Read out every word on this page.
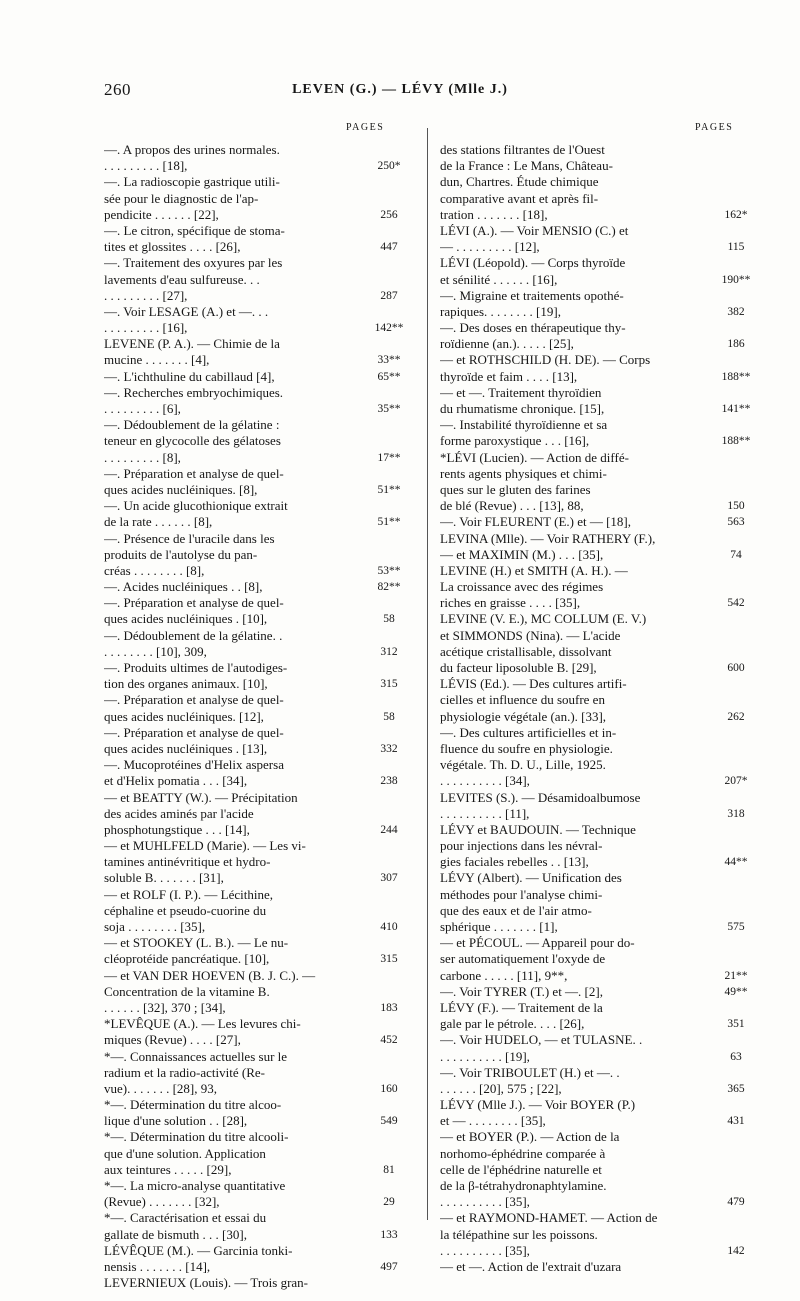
260	LEVEN (G.) — LÉVY (Mlle J.)
PAGES	PAGES
—. A propos des urines normales.
. . . . . . . . . [18],	250*
—. La radioscopie gastrique utili-
sée pour le diagnostic de l'ap-
pendicite . . . . . . [22],	256
—. Le citron, spécifique de stoma-
tites et glossites . . . . [26],	447
—. Traitement des oxyures par les
lavements d'eau sulfureuse. . .
. . . . . . . . . [27],	287
—. Voir LESAGE (A.) et —. . .
. . . . . . . . . [16],	142**
LEVENE (P. A.). — Chimie de la
mucine . . . . . . . [4],	33**
—. L'ichthuline du cabillaud [4],	65**
—. Recherches embryochimiques.
. . . . . . . . . [6],	35**
—. Dédoublement de la gélatine :
teneur en glycocolle des gélatoses
. . . . . . . . . [8],	17**
—. Préparation et analyse de quel-
ques acides nucléiniques. [8],	51**
—. Un acide glucothionique extrait
de la rate . . . . . . [8],	51**
—. Présence de l'uracile dans les
produits de l'autolyse du pan-
créas . . . . . . . . [8],	53**
—. Acides nucléiniques . . [8],	82**
—. Préparation et analyse de quel-
ques acides nucléiniques . [10],	58
—. Dédoublement de la gélatine. .
. . . . . . . . [10], 309,	312
—. Produits ultimes de l'autodiges-
tion des organes animaux. [10],	315
—. Préparation et analyse de quel-
ques acides nucléiniques. [12],	58
—. Préparation et analyse de quel-
ques acides nucléiniques . [13],	332
—. Mucoprotéines d'Helix aspersa
et d'Helix pomatia . . . [34],	238
— et BEATTY (W.). — Précipitation
des acides aminés par l'acide
phosphotungstique . . . [14],	244
— et MUHLFELD (Marie). — Les vi-
tamines antinévritique et hydro-
soluble B. . . . . . . [31],	307
— et ROLF (I. P.). — Lécithine,
céphaline et pseudo-cuorine du
soja . . . . . . . . [35],	410
— et STOOKEY (L. B.). — Le nu-
cléoprotéide pancréatique. [10],	315
— et VAN DER HOEVEN (B. J. C.). —
Concentration de la vitamine B.
. . . . . . [32], 370 ; [34],	183
*LEVÊQUE (A.). — Les levures chi-
miques (Revue) . . . . [27],	452
*—. Connaissances actuelles sur le
radium et la radio-activité (Re-
vue). . . . . . . [28], 93,	160
*—. Détermination du titre alcoo-
lique d'une solution . . [28],	549
*—. Détermination du titre alcooli-
que d'une solution. Application
aux teintures . . . . . [29],	81
*—. La micro-analyse quantitative
(Revue) . . . . . . . [32],	29
*—. Caractérisation et essai du
gallate de bismuth . . . [30],	133
LÉVÊQUE (M.). — Garcinia tonki-
nensis . . . . . . . [14],	497
LEVERNIEUX (Louis). — Trois gran-
des stations filtrantes de l'Ouest
de la France : Le Mans, Château-
dun, Chartres. Étude chimique
comparative avant et après fil-
tration . . . . . . . [18],	162*
LÉVI (A.). — Voir MENSIO (C.) et
— . . . . . . . . . [12],	115
LÉVI (Léopold). — Corps thyroïde
et sénilité . . . . . . [16],	190**
—. Migraine et traitements opothé-
rapiques. . . . . . . . [19],	382
—. Des doses en thérapeutique thy-
roïdienne (an.). . . . . [25],	186
— et ROTHSCHILD (H. DE). — Corps
thyroïde et faim . . . . [13],	188**
— et —. Traitement thyroïdien
du rhumatisme chronique. [15],	141**
—. Instabilité thyroïdienne et sa
forme paroxystique . . . [16],	188**
*LÉVI (Lucien). — Action de diffé-
rents agents physiques et chimi-
ques sur le gluten des farines
de blé (Revue) . . . [13], 88,	150
—. Voir FLEURENT (E.) et — [18],	563
LEVINA (Mlle). — Voir RATHERY (F.),
— et MAXIMIN (M.) . . . [35],	74
LEVINE (H.) et SMITH (A. H.). —
La croissance avec des régimes
riches en graisse . . . . [35],	542
LEVINE (V. E.), MC COLLUM (E. V.)
et SIMMONDS (Nina). — L'acide
acétique cristallisable, dissolvant
du facteur liposoluble B. [29],	600
LÉVIS (Ed.). — Des cultures artifi-
cielles et influence du soufre en
physiologie végétale (an.). [33],	262
—. Des cultures artificielles et in-
fluence du soufre en physiologie.
végétale. Th. D. U., Lille, 1925.
. . . . . . . . . . [34],	207*
LEVITES (S.). — Désamidoalbumose
. . . . . . . . . . [11],	318
LÉVY et BAUDOUIN. — Technique
pour injections dans les névral-
gies faciales rebelles . . [13],	44**
LÉVY (Albert). — Unification des
méthodes pour l'analyse chimi-
que des eaux et de l'air atmo-
sphérique . . . . . . . [1],	575
— et PÉCOUL. — Appareil pour do-
ser automatiquement l'oxyde de
carbone . . . . . [11], 9**,	21**
—. Voir TYRER (T.) et —. [2],	49**
LÉVY (F.). — Traitement de la
gale par le pétrole. . . . [26],	351
—. Voir HUDELO, — et TULASNE. .
. . . . . . . . . . [19],	63
—. Voir TRIBOULET (H.) et —. .
. . . . . . [20], 575 ; [22],	365
LÉVY (Mlle J.). — Voir BOYER (P.)
et — . . . . . . . . [35],	431
— et BOYER (P.). — Action de la
norhomo-éphédrine comparée à
celle de l'éphédrine naturelle et
de la β-tétrahydronaphtylamine.
. . . . . . . . . . [35],	479
— et RAYMOND-HAMET. — Action de
la télépathine sur les poissons.
. . . . . . . . . . [35],	142
— et —. Action de l'extrait d'uzara
